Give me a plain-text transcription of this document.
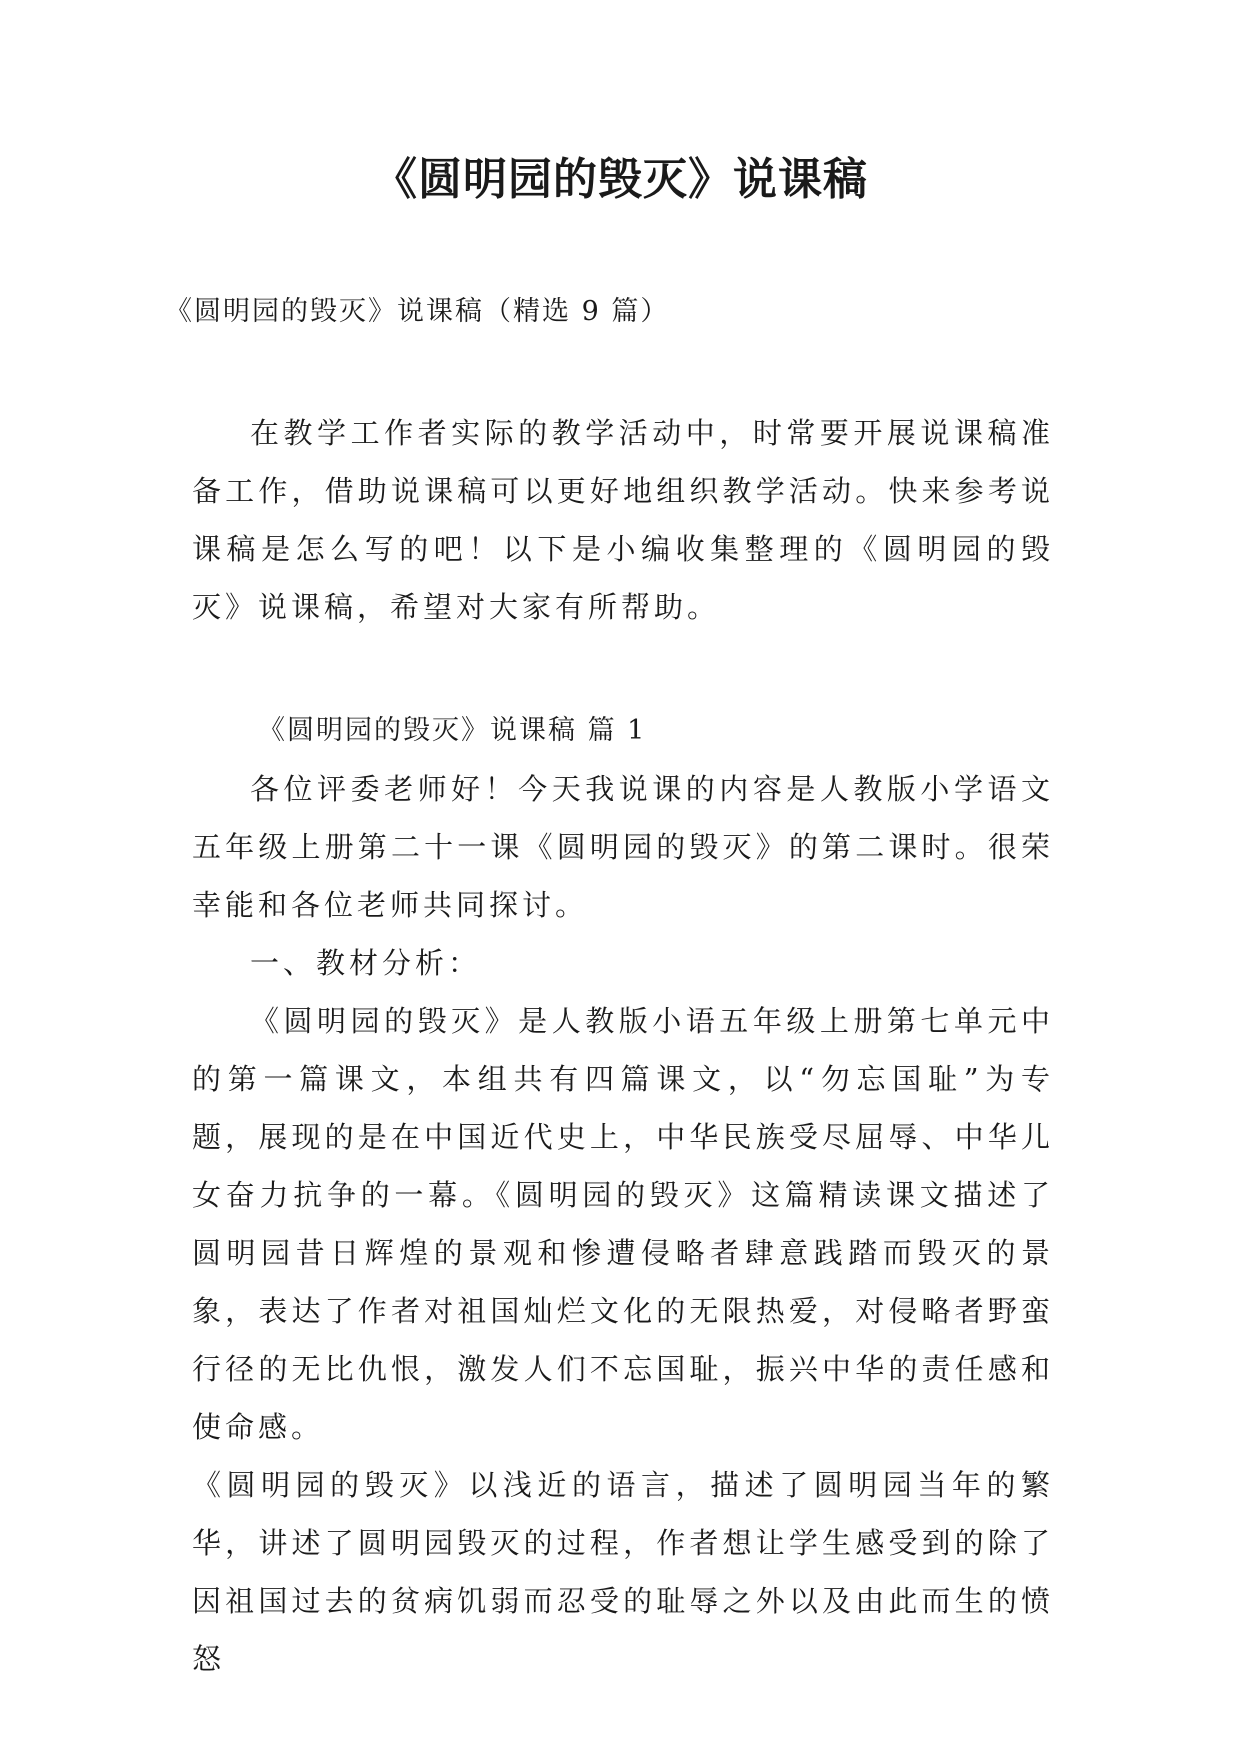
《圆明园的毁灭》说课稿
《圆明园的毁灭》说课稿（精选 9 篇）

在教学工作者实际的教学活动中，时常要开展说课稿准备工作，借助说课稿可以更好地组织教学活动。快来参考说课稿是怎么写的吧！以下是小编收集整理的《圆明园的毁灭》说课稿，希望对大家有所帮助。

《圆明园的毁灭》说课稿 篇 1

各位评委老师好！今天我说课的内容是人教版小学语文五年级上册第二十一课《圆明园的毁灭》的第二课时。很荣幸能和各位老师共同探讨。

一、教材分析：

《圆明园的毁灭》是人教版小语五年级上册第七单元中的第一篇课文，本组共有四篇课文，以“勿忘国耻”为专题，展现的是在中国近代史上，中华民族受尽屈辱、中华儿女奋力抗争的一幕。《圆明园的毁灭》这篇精读课文描述了圆明园昔日辉煌的景观和惨遭侵略者肆意践踏而毁灭的景象，表达了作者对祖国灿烂文化的无限热爱，对侵略者野蛮行径的无比仇恨，激发人们不忘国耻，振兴中华的责任感和使命感。

《圆明园的毁灭》以浅近的语言，描述了圆明园当年的繁华，讲述了圆明园毁灭的过程，作者想让学生感受到的除了因祖国过去的贫病饥弱而忍受的耻辱之外以及由此而生的愤怒
